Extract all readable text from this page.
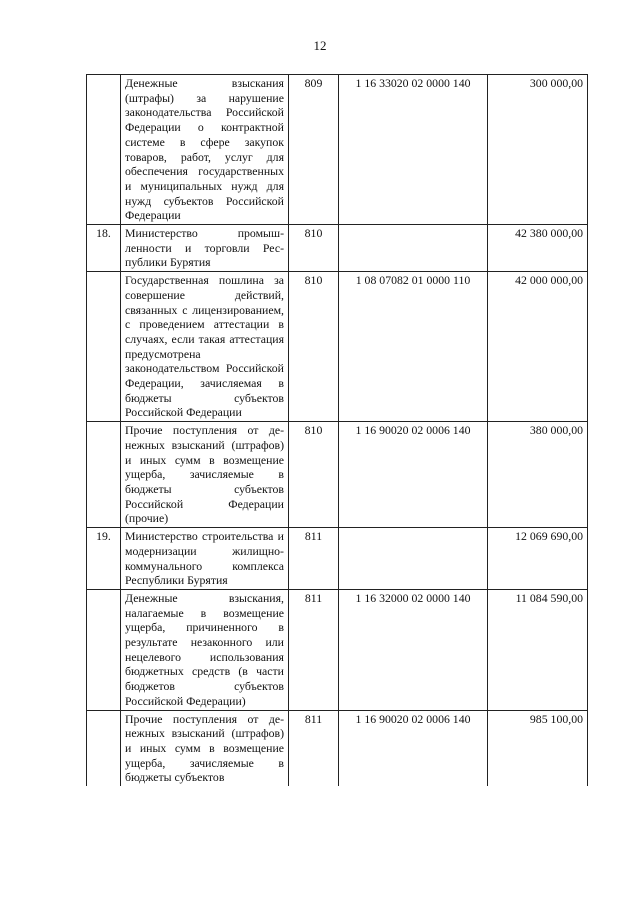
12
	Денежные взыскания (штрафы) за нарушение законодательства Российской Федерации о контрактной системе в сфере закупок товаров, работ, услуг для обеспечения государственных и муниципальных нужд для нужд субъектов Российской Федерации	809	1 16 33020 02 0000 140	300 000,00
18.	Министерство промышленности и торговли Республики Бурятия	810		42 380 000,00
	Государственная пошлина за совершение действий, связанных с лицензированием, с проведением аттестации в случаях, если такая аттестация предусмотрена законодательством Российской Федерации, зачисляемая в бюджеты субъектов Российской Федерации	810	1 08 07082 01 0000 110	42 000 000,00
	Прочие поступления от денежных взысканий (штрафов) и иных сумм в возмещение ущерба, зачисляемые в бюджеты субъектов Российской Федерации (прочие)	810	1 16 90020 02 0006 140	380 000,00
19.	Министерство строительства и модернизации жилищно-коммунального комплекса Республики Бурятия	811		12 069 690,00
	Денежные взыскания, налагаемые в возмещение ущерба, причиненного в результате незаконного или нецелевого использования бюджетных средств (в части бюджетов субъектов Российской Федерации)	811	1 16 32000 02 0000 140	11 084 590,00
	Прочие поступления от денежных взысканий (штрафов) и иных сумм в возмещение ущерба, зачисляемые в бюджеты субъектов	811	1 16 90020 02 0006 140	985 100,00
